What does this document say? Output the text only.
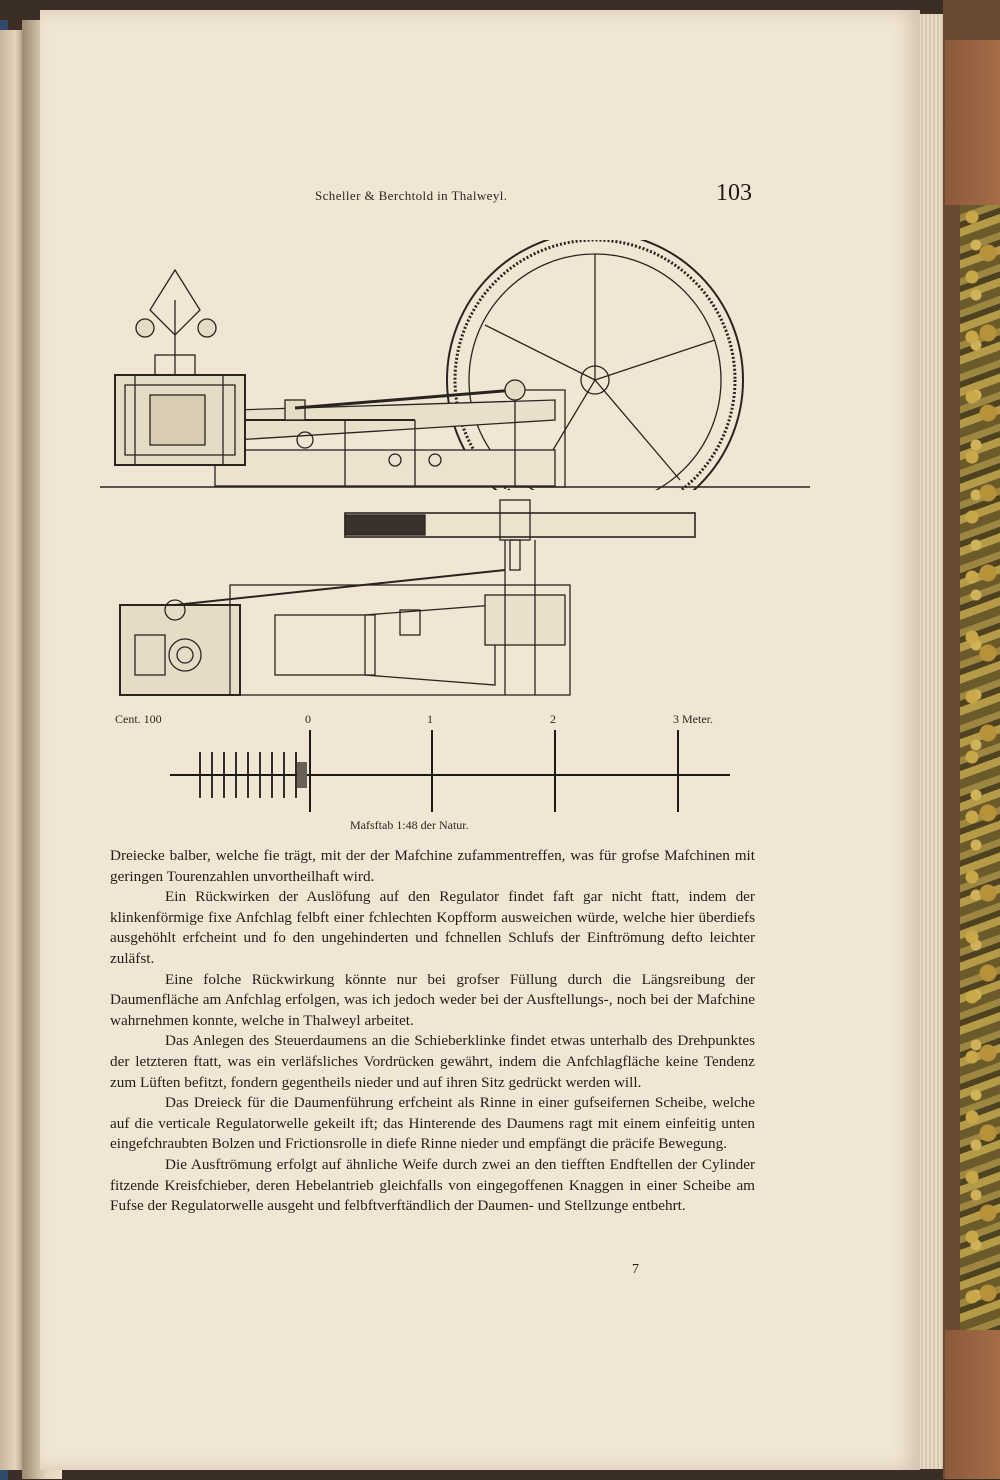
Scheller & Berchtold in Thalweyl.	103
Cent. 100	0	1	2	3 Meter.
Mafsftab 1:48 der Natur.

Dreiecke balber, welche fie trägt, mit der der Mafchine zufammentreffen, was für grofse Mafchinen mit geringen Tourenzahlen unvortheilhaft wird.

Ein Rückwirken der Auslöfung auf den Regulator findet faft gar nicht ftatt, indem der klinkenförmige fixe Anfchlag felbft einer fchlechten Kopfform ausweichen würde, welche hier überdiefs ausgehöhlt erfcheint und fo den ungehinderten und fchnellen Schlufs der Einftrömung defto leichter zuläfst.

Eine folche Rückwirkung könnte nur bei grofser Füllung durch die Längsreibung der Daumenfläche am Anfchlag erfolgen, was ich jedoch weder bei der Ausftellungs-, noch bei der Mafchine wahrnehmen konnte, welche in Thalweyl arbeitet.

Das Anlegen des Steuerdaumens an die Schieberklinke findet etwas unterhalb des Drehpunktes der letzteren ftatt, was ein verläfsliches Vordrücken gewährt, indem die Anfchlagfläche keine Tendenz zum Lüften befitzt, fondern gegentheils nieder und auf ihren Sitz gedrückt werden will.

Das Dreieck für die Daumenführung erfcheint als Rinne in einer gufseifernen Scheibe, welche auf die verticale Regulatorwelle gekeilt ift; das Hinterende des Daumens ragt mit einem einfeitig unten eingefchraubten Bolzen und Frictionsrolle in diefe Rinne nieder und empfängt die präcife Bewegung.

Die Ausftrömung erfolgt auf ähnliche Weife durch zwei an den tiefften Endftellen der Cylinder fitzende Kreisfchieber, deren Hebelantrieb gleichfalls von eingegoffenen Knaggen in einer Scheibe am Fufse der Regulatorwelle ausgeht und felbftverftändlich der Daumen- und Stellzunge entbehrt.

7
